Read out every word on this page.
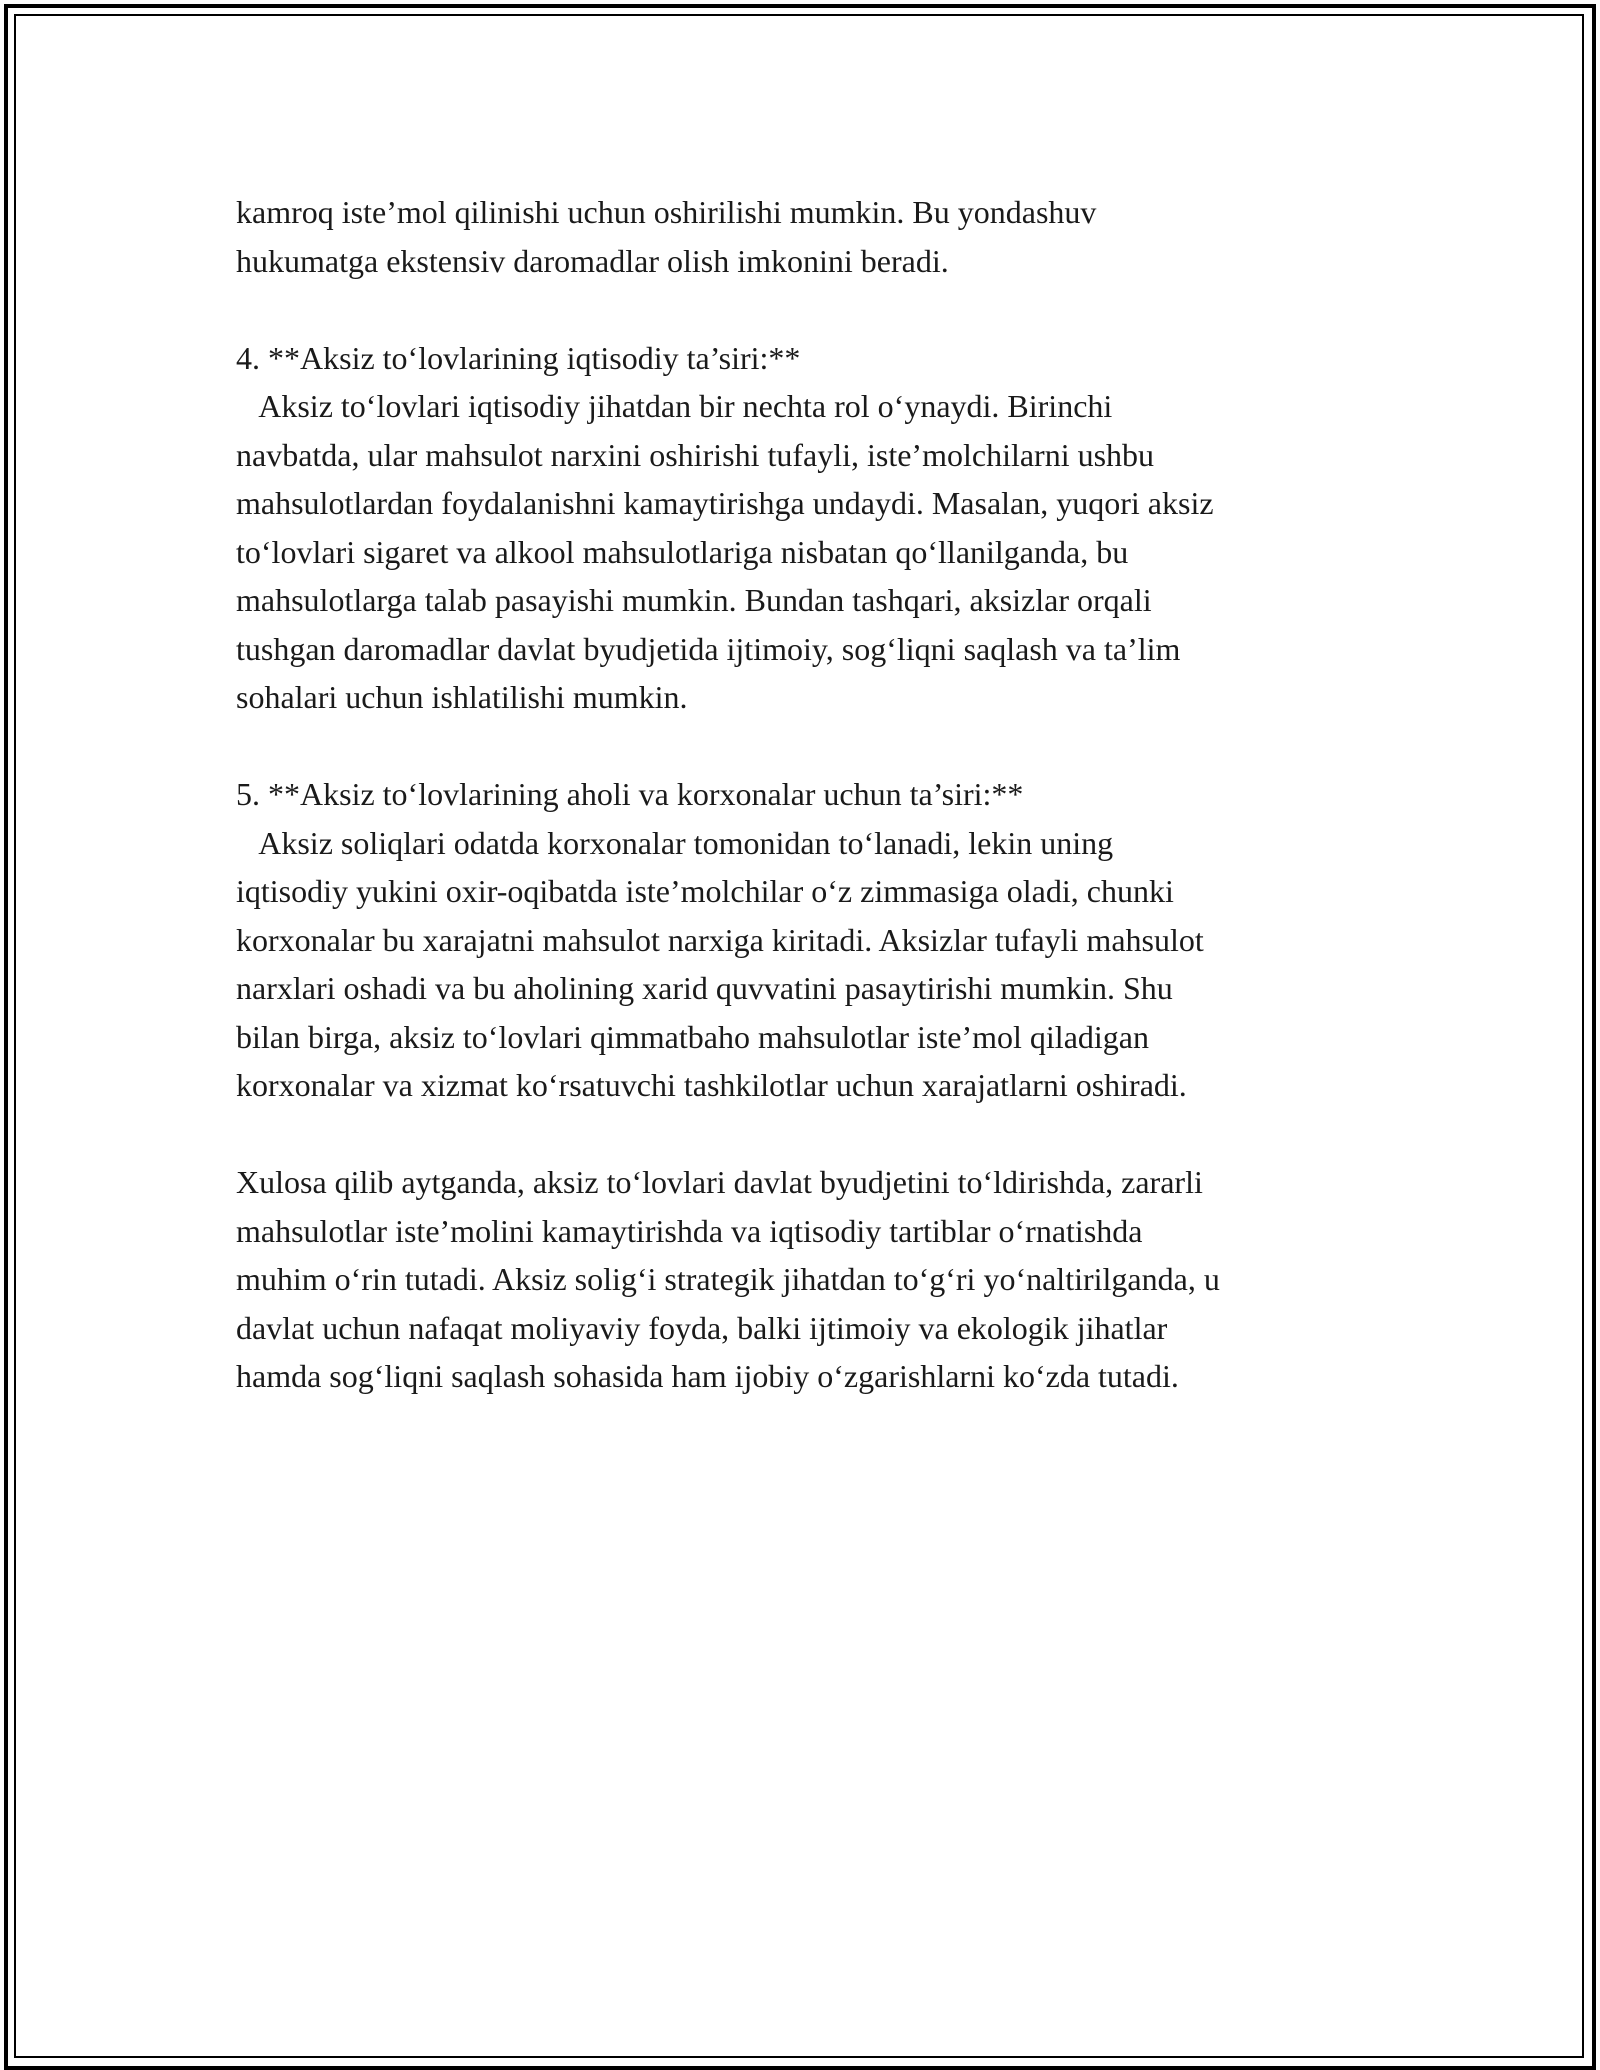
kamroq iste’mol qilinishi uchun oshirilishi mumkin. Bu yondashuv
hukumatga ekstensiv daromadlar olish imkonini beradi.
4. **Aksiz to‘lovlarining iqtisodiy ta’siri:**
Aksiz to‘lovlari iqtisodiy jihatdan bir nechta rol o‘ynaydi. Birinchi
navbatda, ular mahsulot narxini oshirishi tufayli, iste’molchilarni ushbu
mahsulotlardan foydalanishni kamaytirishga undaydi. Masalan, yuqori aksiz
to‘lovlari sigaret va alkool mahsulotlariga nisbatan qo‘llanilganda, bu
mahsulotlarga talab pasayishi mumkin. Bundan tashqari, aksizlar orqali
tushgan daromadlar davlat byudjetida ijtimoiy, sog‘liqni saqlash va ta’lim
sohalari uchun ishlatilishi mumkin.
5. **Aksiz to‘lovlarining aholi va korxonalar uchun ta’siri:**
Aksiz soliqlari odatda korxonalar tomonidan to‘lanadi, lekin uning
iqtisodiy yukini oxir-oqibatda iste’molchilar o‘z zimmasiga oladi, chunki
korxonalar bu xarajatni mahsulot narxiga kiritadi. Aksizlar tufayli mahsulot
narxlari oshadi va bu aholining xarid quvvatini pasaytirishi mumkin. Shu
bilan birga, aksiz to‘lovlari qimmatbaho mahsulotlar iste’mol qiladigan
korxonalar va xizmat ko‘rsatuvchi tashkilotlar uchun xarajatlarni oshiradi.
Xulosa qilib aytganda, aksiz to‘lovlari davlat byudjetini to‘ldirishda, zararli
mahsulotlar iste’molini kamaytirishda va iqtisodiy tartiblar o‘rnatishda
muhim o‘rin tutadi. Aksiz solig‘i strategik jihatdan to‘g‘ri yo‘naltirilganda, u
davlat uchun nafaqat moliyaviy foyda, balki ijtimoiy va ekologik jihatlar
hamda sog‘liqni saqlash sohasida ham ijobiy o‘zgarishlarni ko‘zda tutadi.
